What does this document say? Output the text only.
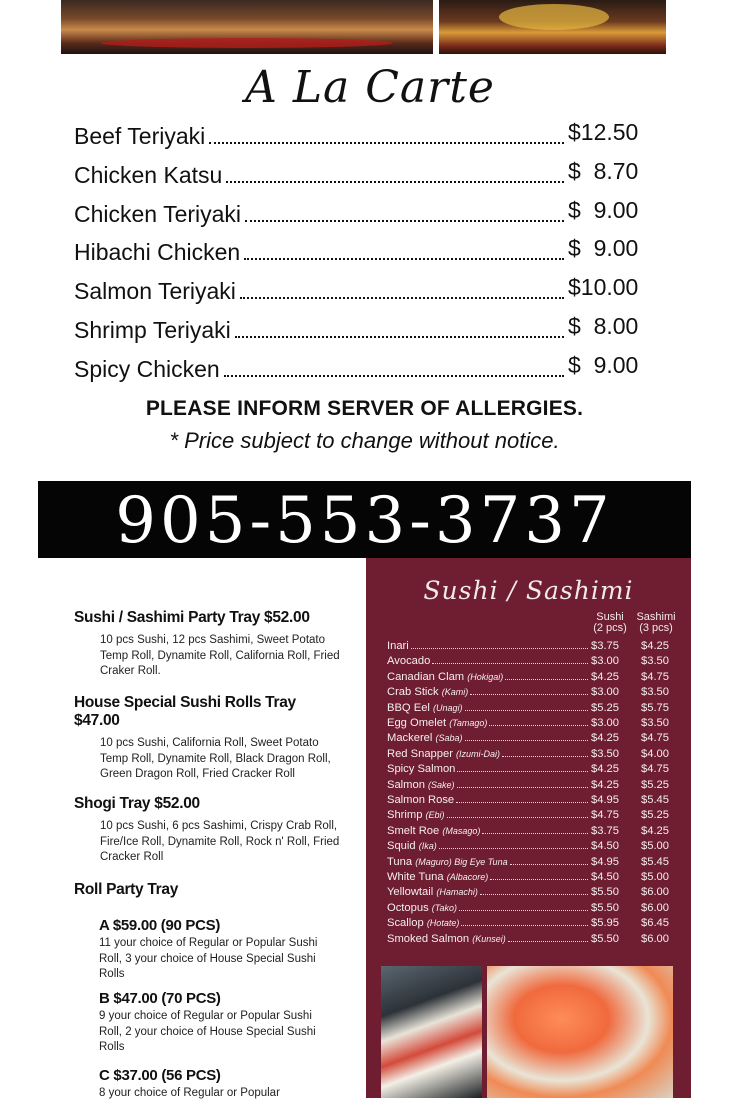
A La Carte
Beef Teriyaki	$12.50
Chicken Katsu	$  8.70
Chicken Teriyaki	$  9.00
Hibachi Chicken	$  9.00
Salmon Teriyaki	$10.00
Shrimp Teriyaki	$  8.00
Spicy Chicken	$  9.00
PLEASE INFORM SERVER OF ALLERGIES.
* Price subject to change without notice.
905-553-3737
Sushi / Sashimi Party Tray $52.00
10 pcs Sushi, 12 pcs Sashimi, Sweet Potato Temp Roll, Dynamite Roll, California Roll, Fried Craker Roll.
House Special Sushi Rolls Tray $47.00
10 pcs Sushi, California Roll, Sweet Potato Temp Roll, Dynamite Roll, Black Dragon Roll, Green Dragon Roll, Fried Cracker Roll
Shogi Tray $52.00
10 pcs Sushi, 6 pcs Sashimi, Crispy Crab Roll, Fire/Ice Roll, Dynamite Roll, Rock n' Roll, Fried Cracker Roll
Roll Party Tray
A $59.00 (90 PCS)
11 your choice of Regular or Popular Sushi Roll, 3 your choice of House Special Sushi Rolls
B $47.00 (70 PCS)
9 your choice of Regular or Popular Sushi Roll, 2 your choice of House Special Sushi Rolls
C $37.00 (56 PCS)
8 your choice of Regular or Popular
Sushi / Sashimi
Sushi
(2 pcs)
Sashimi
(3 pcs)
Inari	$3.75	$4.25
Avocado	$3.00	$3.50
Canadian Clam (Hokigai)	$4.25	$4.75
Crab Stick (Kami)	$3.00	$3.50
BBQ Eel (Unagi)	$5.25	$5.75
Egg Omelet (Tamago)	$3.00	$3.50
Mackerel (Saba)	$4.25	$4.75
Red Snapper (Izumi-Dai)	$3.50	$4.00
Spicy Salmon	$4.25	$4.75
Salmon (Sake)	$4.25	$5.25
Salmon Rose	$4.95	$5.45
Shrimp (Ebi)	$4.75	$5.25
Smelt Roe (Masago)	$3.75	$4.25
Squid (Ika)	$4.50	$5.00
Tuna (Maguro) Big Eye Tuna	$4.95	$5.45
White Tuna (Albacore)	$4.50	$5.00
Yellowtail (Hamachi)	$5.50	$6.00
Octopus (Tako)	$5.50	$6.00
Scallop (Hotate)	$5.95	$6.45
Smoked Salmon (Kunsei)	$5.50	$6.00
